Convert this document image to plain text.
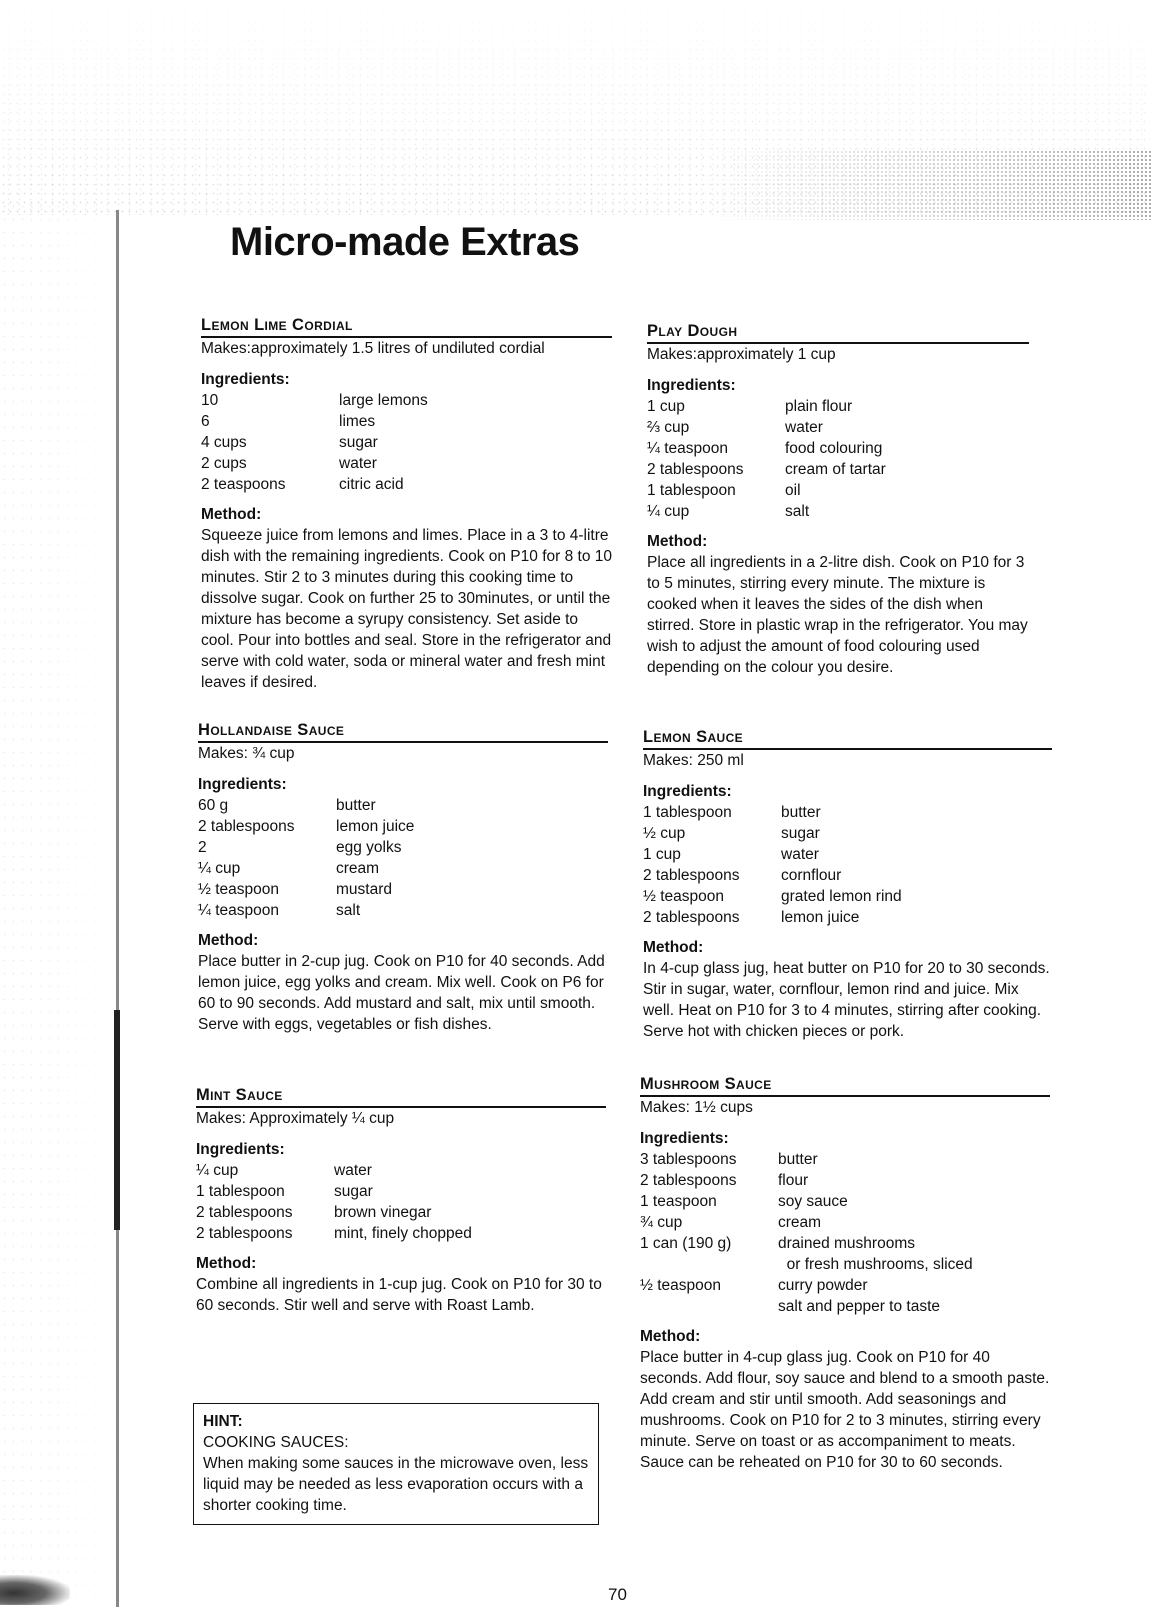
Micro-made Extras
Lemon Lime Cordial
Makes:approximately 1.5 litres of undiluted cordial
Ingredients:
10	large lemons
6	limes
4 cups	sugar
2 cups	water
2 teaspoons	citric acid
Method:

Squeeze juice from lemons and limes. Place in a 3 to 4-litre dish with the remaining ingredients. Cook on P10 for 8 to 10 minutes. Stir 2 to 3 minutes during this cooking time to dissolve sugar. Cook on further 25 to 30minutes, or until the mixture has become a syrupy consistency. Set aside to cool. Pour into bottles and seal. Store in the refrigerator and serve with cold water, soda or mineral water and fresh mint leaves if desired.

Play Dough
Makes:approximately 1 cup
Ingredients:
1 cup	plain flour
⅔ cup	water
¼ teaspoon	food colouring
2 tablespoons	cream of tartar
1 tablespoon	oil
¼ cup	salt
Method:

Place all ingredients in a 2-litre dish. Cook on P10 for 3 to 5 minutes, stirring every minute. The mixture is cooked when it leaves the sides of the dish when stirred. Store in plastic wrap in the refrigerator. You may wish to adjust the amount of food colouring used depending on the colour you desire.

Hollandaise Sauce
Makes: ¾ cup
Ingredients:
60 g	butter
2 tablespoons	lemon juice
2	egg yolks
¼ cup	cream
½ teaspoon	mustard
¼ teaspoon	salt
Method:

Place butter in 2-cup jug. Cook on P10 for 40 seconds. Add lemon juice, egg yolks and cream. Mix well. Cook on P6 for 60 to 90 seconds. Add mustard and salt, mix until smooth. Serve with eggs, vegetables or fish dishes.

Lemon Sauce
Makes: 250 ml
Ingredients:
1 tablespoon	butter
½ cup	sugar
1 cup	water
2 tablespoons	cornflour
½ teaspoon	grated lemon rind
2 tablespoons	lemon juice
Method:

In 4-cup glass jug, heat butter on P10 for 20 to 30 seconds. Stir in sugar, water, cornflour, lemon rind and juice. Mix well. Heat on P10 for 3 to 4 minutes, stirring after cooking. Serve hot with chicken pieces or pork.

Mint Sauce
Makes: Approximately ¼ cup
Ingredients:
¼ cup	water
1 tablespoon	sugar
2 tablespoons	brown vinegar
2 tablespoons	mint, finely chopped
Method:

Combine all ingredients in 1-cup jug. Cook on P10 for 30 to 60 seconds. Stir well and serve with Roast Lamb.

Mushroom Sauce
Makes: 1½ cups
Ingredients:
3 tablespoons	butter
2 tablespoons	flour
1 teaspoon	soy sauce
¾ cup	cream
1 can (190 g)	drained mushrooms
	or fresh mushrooms, sliced
½ teaspoon	curry powder
	salt and pepper to taste
Method:

Place butter in 4-cup glass jug. Cook on P10 for 40 seconds. Add flour, soy sauce and blend to a smooth paste. Add cream and stir until smooth. Add seasonings and mushrooms. Cook on P10 for 2 to 3 minutes, stirring every minute. Serve on toast or as accompaniment to meats. Sauce can be reheated on P10 for 30 to 60 seconds.

HINT:
COOKING SAUCES:
When making some sauces in the microwave oven, less liquid may be needed as less evaporation occurs with a shorter cooking time.
70
